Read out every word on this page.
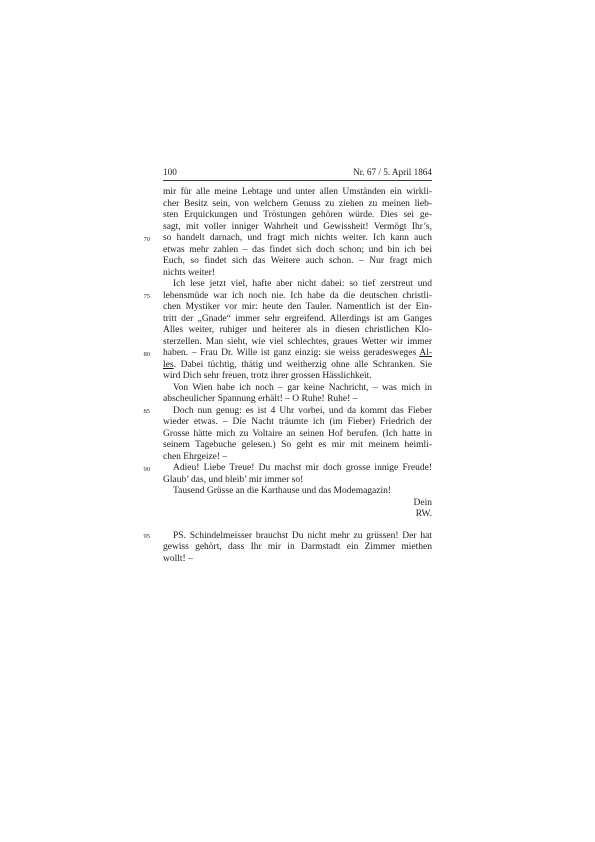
100	Nr. 67 / 5. April 1864
mir für alle meine Lebtage und unter allen Umständen ein wirkli-
cher Besitz sein, von welchem Genuss zu ziehen zu meinen lieb-
sten Erquickungen und Tröstungen gehören würde. Dies sei ge-
sagt, mit voller inniger Wahrheit und Gewissheit! Vermögt Ihr’s,
70 so handelt darnach, und fragt mich nichts weiter. Ich kann auch
etwas mehr zahlen – das findet sich doch schon; und bin ich bei
Euch, so findet sich das Weitere auch schon. – Nur fragt mich
nichts weiter!
Ich lese jetzt viel, hafte aber nicht dabei: so tief zerstreut und
75 lebensmüde war ich noch nie. Ich habe da die deutschen christli-
chen Mystiker vor mir: heute den Tauler. Namentlich ist der Ein-
tritt der „Gnade“ immer sehr ergreifend. Allerdings ist am Ganges
Alles weiter, ruhiger und heiterer als in diesen christlichen Klo-
sterzellen. Man sieht, wie viel schlechtes, graues Wetter wir immer
80 haben. – Frau Dr. Wille ist ganz einzig: sie weiss geradesweges Al-
les. Dabei tüchtig, thätig und weitherzig ohne alle Schranken. Sie
wird Dich sehr freuen, trotz ihrer grossen Hässlichkeit.
Von Wien habe ich noch – gar keine Nachricht, – was mich in
abscheulicher Spannung erhält! – O Ruhe! Ruhe! –
85 Doch nun genug: es ist 4 Uhr vorbei, und da kommt das Fieber
wieder etwas. – Die Nacht träumte ich (im Fieber) Friedrich der
Grosse hätte mich zu Voltaire an seinen Hof berufen. (Ich hatte in
seinem Tagebuche gelesen.) So geht es mir mit meinem heimli-
chen Ehrgeize! –
90 Adieu! Liebe Treue! Du machst mir doch grosse innige Freude!
Glaub’ das, und bleib’ mir immer so!
Tausend Grüsse an die Karthause und das Modemagazin!
Dein
RW.
95 PS. Schindelmeisser brauchst Du nicht mehr zu grüssen! Der hat
gewiss gehört, dass Ihr mir in Darmstadt ein Zimmer miethen
wollt! –
